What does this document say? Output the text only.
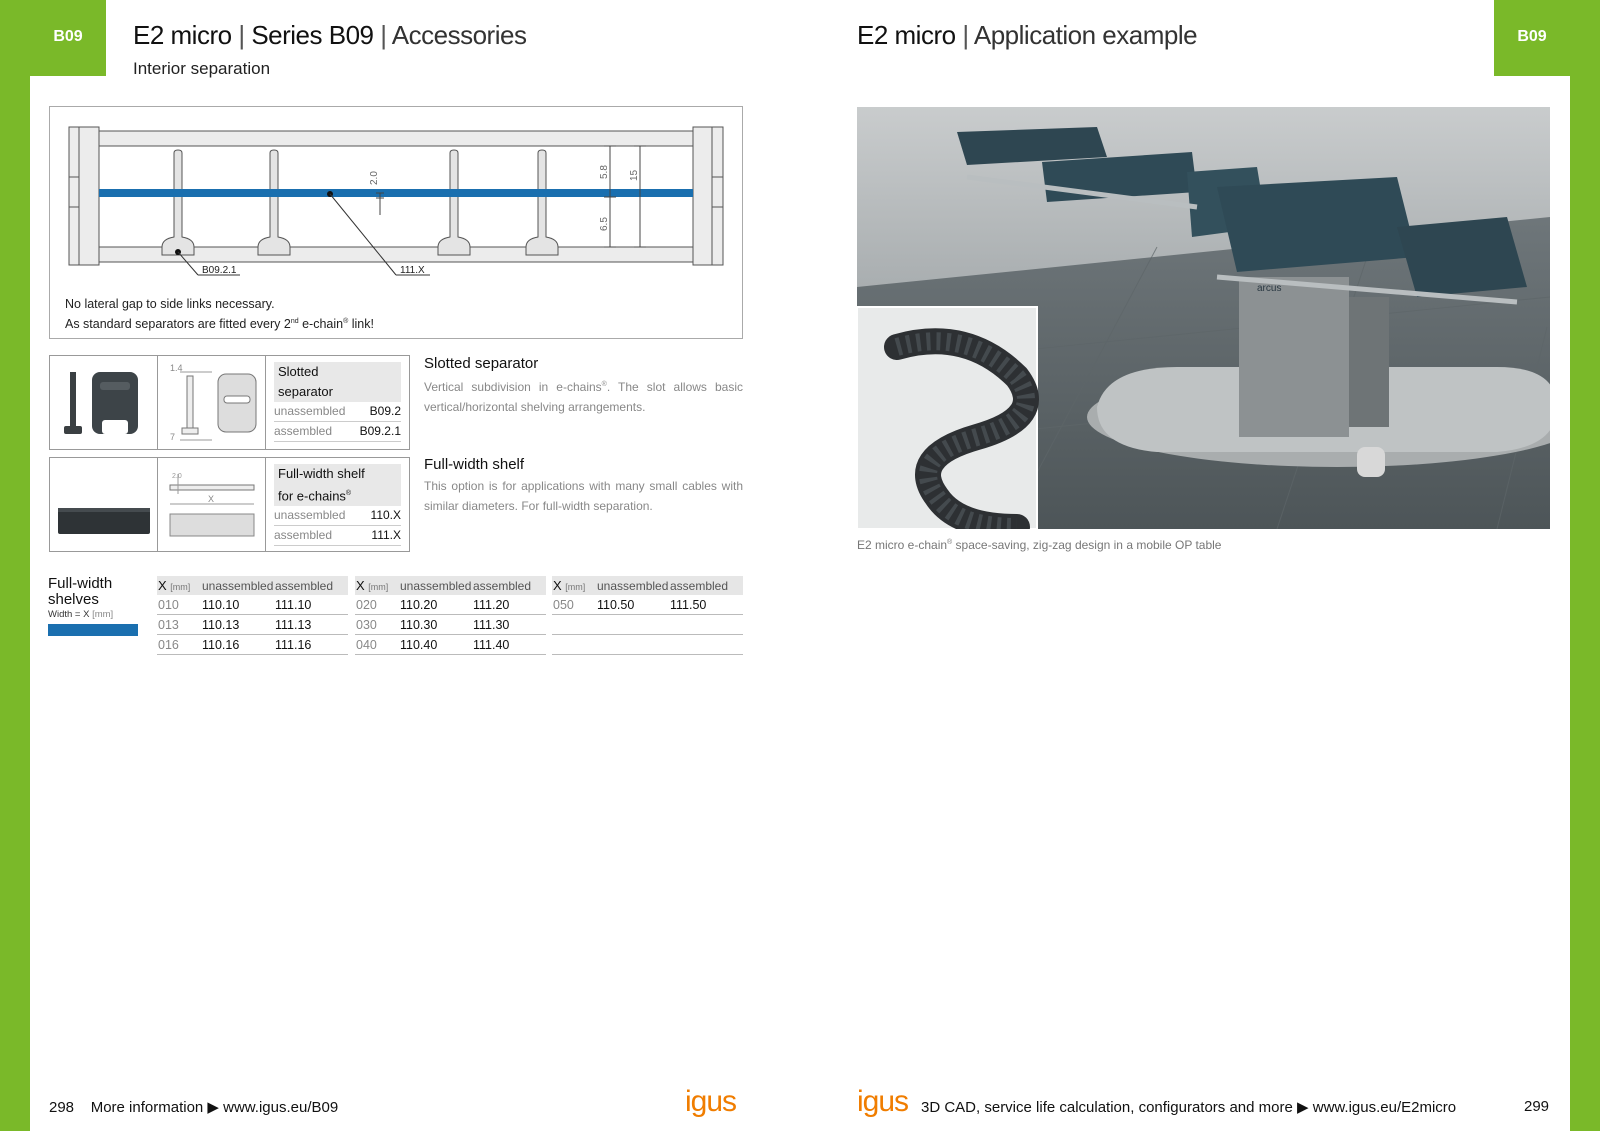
B09	B09
E2 micro | Series B09 | Accessories
Interior separation
B09.2.1	111.X
2.0	5.8
6.5
15
No lateral gap to side links necessary.
As standard separators are fitted every 2nd e-chain® link!
1.4
7
Slotted
separator
unassembled B09.2
assembled B09.2.1
Slotted separator

Vertical subdivision in e-chains®. The slot allows basic vertical/horizontal shelving arrangements.

2.0
X
Full-width shelf
for e-chains®
unassembled 110.X
assembled	111.X
Full-width shelf

This option is for applications with many small cables with similar diameters. For full-width separation.

Full-width
shelves
Width = X [mm]
X [mm] unassembled assembled
010	110.10	111.10
013	110.13	111.13
016	110.16	111.16
X [mm] unassembled assembled
020	110.20	111.20
030	110.30	111.30
040	110.40	111.40
X [mm] unassembled assembled
050	110.50	111.50
E2 micro | Application example
arcus
E2 micro e-chain® space-saving, zig-zag design in a mobile OP table
298 More information ▶ www.igus.eu/B09	igus	igus 3D CAD, service life calculation, configurators and more ▶ www.igus.eu/E2micro	299
